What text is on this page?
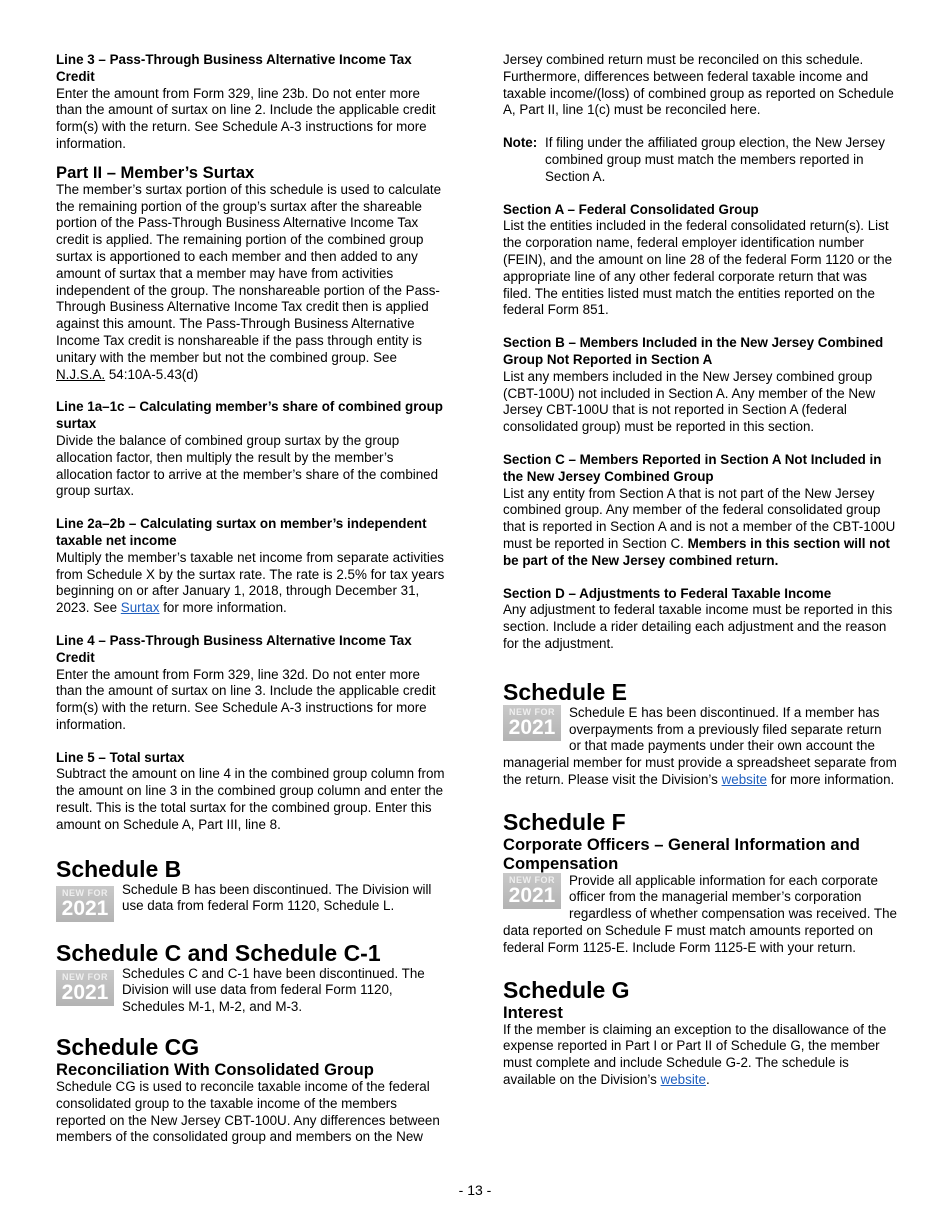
Line 3 – Pass-Through Business Alternative Income Tax Credit

Enter the amount from Form 329, line 23b. Do not enter more than the amount of surtax on line 2. Include the applicable credit form(s) with the return. See Schedule A-3 instructions for more information.

Part II – Member’s Surtax

The member’s surtax portion of this schedule is used to calculate the remaining portion of the group’s surtax after the shareable portion of the Pass-Through Business Alternative Income Tax credit is applied. The remaining portion of the combined group surtax is apportioned to each member and then added to any amount of surtax that a member may have from activities independent of the group. The nonshareable portion of the Pass-Through Business Alternative Income Tax credit then is applied against this amount. The Pass-Through Business Alternative Income Tax credit is nonshareable if the pass through entity is unitary with the member but not the combined group. See N.J.S.A. 54:10A-5.43(d)

Line 1a–1c – Calculating member’s share of combined group surtax

Divide the balance of combined group surtax by the group allocation factor, then multiply the result by the member’s allocation factor to arrive at the member’s share of the combined group surtax.

Line 2a–2b – Calculating surtax on member’s independent taxable net income

Multiply the member’s taxable net income from separate activities from Schedule X by the surtax rate. The rate is 2.5% for tax years beginning on or after January 1, 2018, through December 31, 2023. See Surtax for more information.

Line 4 – Pass-Through Business Alternative Income Tax Credit

Enter the amount from Form 329, line 32d. Do not enter more than the amount of surtax on line 3. Include the applicable credit form(s) with the return. See Schedule A-3 instructions for more information.

Line 5 – Total surtax

Subtract the amount on line 4 in the combined group column from the amount on line 3 in the combined group column and enter the result. This is the total surtax for the combined group. Enter this amount on Schedule A, Part III, line 8.

Schedule B

NEW FOR
2021

Schedule B has been discontinued. The Division will use data from federal Form 1120, Schedule L.

Schedule C and Schedule C-1

NEW FOR
2021

Schedules C and C-1 have been discontinued. The Division will use data from federal Form 1120, Schedules M-1, M-2, and M-3.

Schedule CG

Reconciliation With Consolidated Group

Schedule CG is used to reconcile taxable income of the federal consolidated group to the taxable income of the members reported on the New Jersey CBT-100U. Any differences between members of the consolidated group and members on the New

Jersey combined return must be reconciled on this schedule. Furthermore, differences between federal taxable income and taxable income/(loss) of combined group as reported on Schedule A, Part II, line 1(c) must be reconciled here.

Note: If filing under the affiliated group election, the New Jersey combined group must match the members reported in Section A.

Section A – Federal Consolidated Group

List the entities included in the federal consolidated return(s). List the corporation name, federal employer identification number (FEIN), and the amount on line 28 of the federal Form 1120 or the appropriate line of any other federal corporate return that was filed. The entities listed must match the entities reported on the federal Form 851.

Section B – Members Included in the New Jersey Combined Group Not Reported in Section A

List any members included in the New Jersey combined group (CBT-100U) not included in Section A. Any member of the New Jersey CBT-100U that is not reported in Section A (federal consolidated group) must be reported in this section.

Section C – Members Reported in Section A Not Included in the New Jersey Combined Group

List any entity from Section A that is not part of the New Jersey combined group. Any member of the federal consolidated group that is reported in Section A and is not a member of the CBT-100U must be reported in Section C. Members in this section will not be part of the New Jersey combined return.

Section D – Adjustments to Federal Taxable Income

Any adjustment to federal taxable income must be reported in this section. Include a rider detailing each adjustment and the reason for the adjustment.

Schedule E

NEW FOR
2021

Schedule E has been discontinued. If a member has overpayments from a previously filed separate return or that made payments under their own account the managerial member for must provide a spreadsheet separate from the return. Please visit the Division’s website for more information.

Schedule F

Corporate Officers – General Information and Compensation

NEW FOR
2021

Provide all applicable information for each corporate officer from the managerial member’s corporation regardless of whether compensation was received. The data reported on Schedule F must match amounts reported on federal Form 1125-E. Include Form 1125-E with your return.

Schedule G

Interest

If the member is claiming an exception to the disallowance of the expense reported in Part I or Part II of Schedule G, the member must complete and include Schedule G-2. The schedule is available on the Division’s website.

- 13 -
